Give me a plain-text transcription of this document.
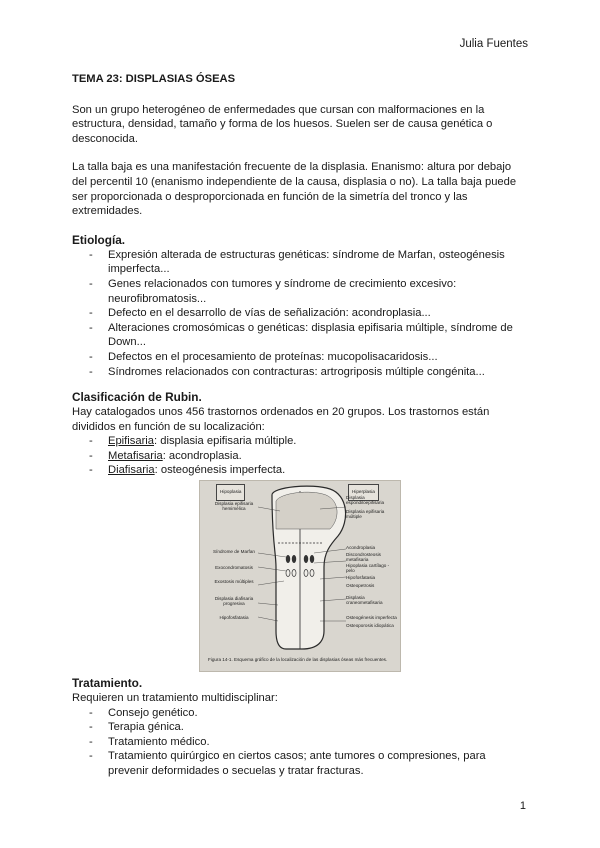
Julia Fuentes
TEMA 23: DISPLASIAS ÓSEAS

Son un grupo heterogéneo de enfermedades que cursan con malformaciones en la estructura, densidad, tamaño y forma de los huesos. Suelen ser de causa genética o desconocida.

La talla baja es una manifestación frecuente de la displasia. Enanismo: altura por debajo del percentil 10 (enanismo independiente de la causa, displasia o no). La talla baja puede ser proporcionada o desproporcionada en función de la simetría del tronco y las extremidades.

Etiología.
- Expresión alterada de estructuras genéticas: síndrome de Marfan, osteogénesis imperfecta...
- Genes relacionados con tumores y síndrome de crecimiento excesivo: neurofibromatosis...
- Defecto en el desarrollo de vías de señalización: acondroplasia...
- Alteraciones cromosómicas o genéticas: displasia epifisaria múltiple, síndrome de Down...
- Defectos en el procesamiento de proteínas: mucopolisacaridosis...
- Síndromes relacionados con contracturas: artrogriposis múltiple congénita...
Clasificación de Rubin.
Hay catalogados unos 456 trastornos ordenados en 20 grupos. Los trastornos están divididos en función de su localización:
- Epifisaria: displasia epifisaria múltiple.
- Metafisaria: acondroplasia.
- Diafisaria: osteogénesis imperfecta.
Hipoplasia	Hiperplasia
Displasia epifisaria hemimélica
Síndrome de Marfan
Exocondromatosis
Exostosis múltiples
Displasia diafisaria progresiva
Hipofosfatasia
Displasia espondiloepifisaria
Displasia epifisaria múltiple
Acondroplasia
Discondrosteosis metafisaria
Hipoplasia cartílago - pelo
Hipofosfatasia
Osteopetrosis
Displasia craneometafisaria
Osteogénesis imperfecta
Osteoporosis idiopática
Figura 14-1. Esquema gráfico de la localización de las displasias óseas más frecuentes.
Tratamiento.
Requieren un tratamiento multidisciplinar:
- Consejo genético.
- Terapia génica.
- Tratamiento médico.
- Tratamiento quirúrgico en ciertos casos; ante tumores o compresiones, para prevenir deformidades o secuelas y tratar fracturas.
1
